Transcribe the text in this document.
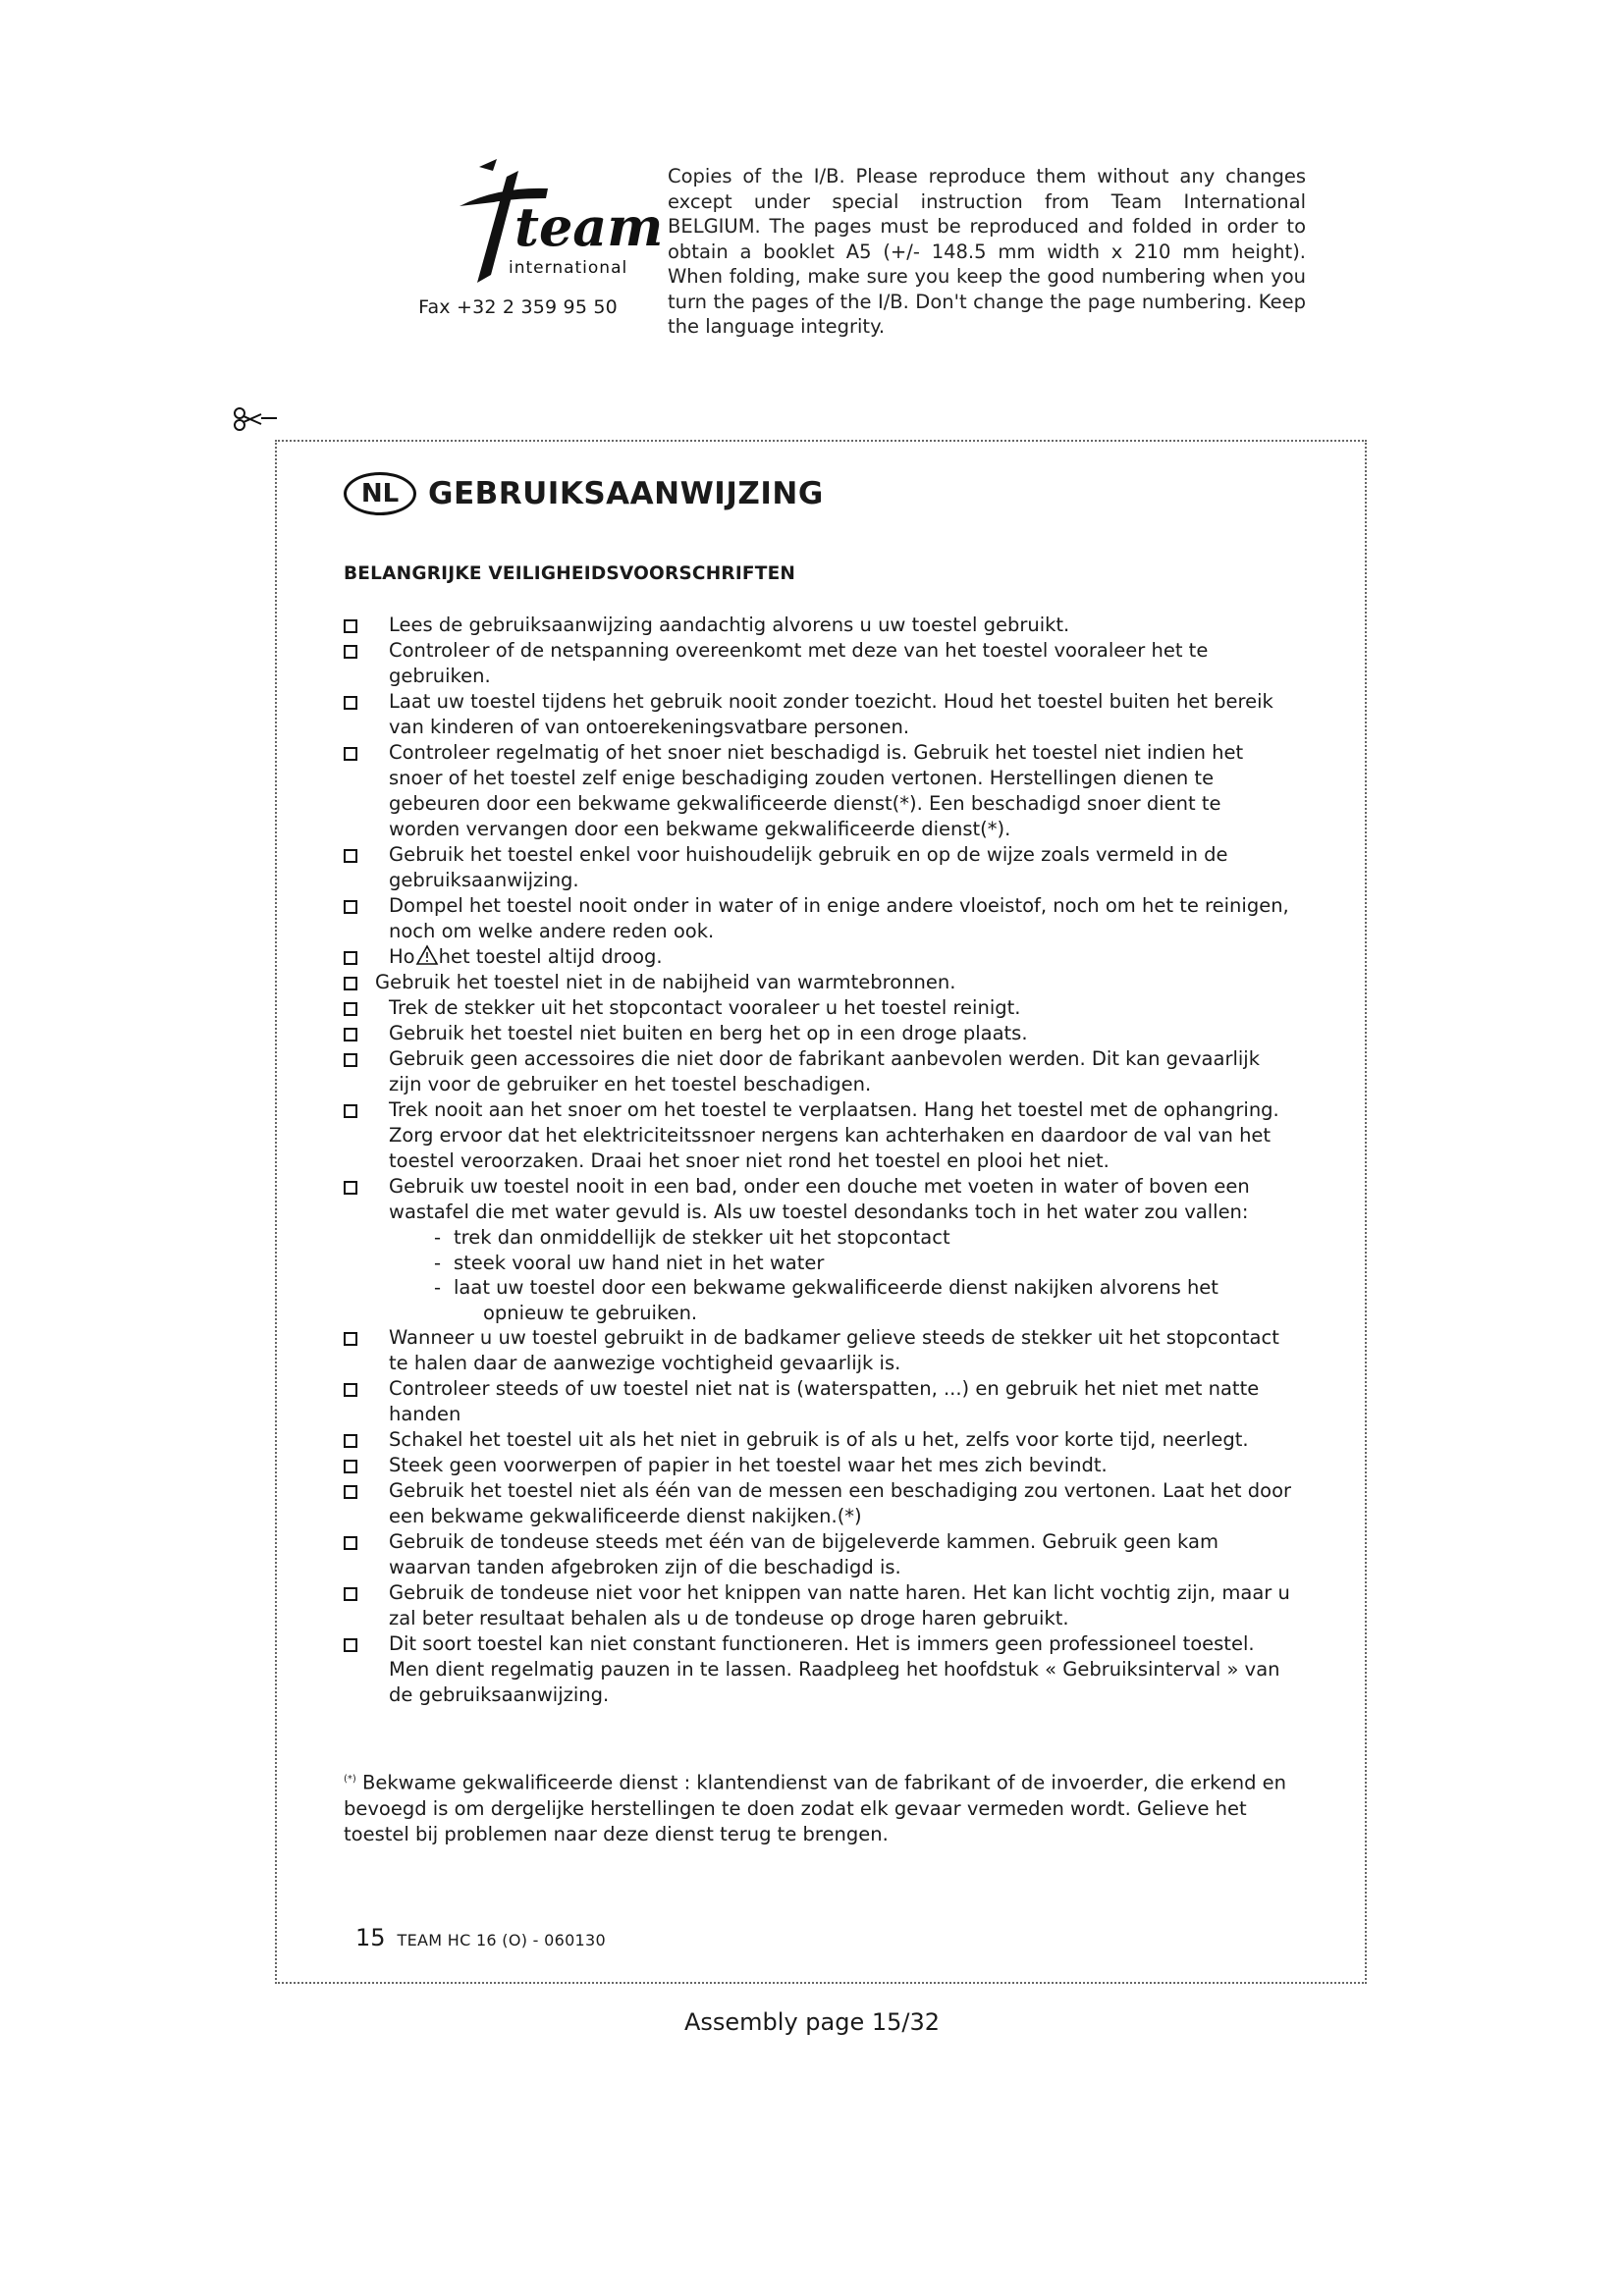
team
international
Fax +32 2 359 95 50
Copies of the I/B. Please reproduce them without any changes except under special instruction from Team International BELGIUM. The pages must be reproduced and folded in order to obtain a booklet A5 (+/- 148.5 mm width x 210 mm height). When folding, make sure you keep the good numbering when you turn the pages of the I/B. Don't change the page numbering. Keep the language integrity.
NL GEBRUIKSAANWIJZING
BELANGRIJKE VEILIGHEIDSVOORSCHRIFTEN

Lees de gebruiksaanwijzing aandachtig alvorens u uw toestel gebruikt.

Controleer of de netspanning overeenkomt met deze van het toestel vooraleer het te gebruiken.

Laat uw toestel tijdens het gebruik nooit zonder toezicht. Houd het toestel buiten het bereik van kinderen of van ontoerekeningsvatbare personen.

Controleer regelmatig of het snoer niet beschadigd is. Gebruik het toestel niet indien het snoer of het toestel zelf enige beschadiging zouden vertonen. Herstellingen dienen te gebeuren door een bekwame gekwalificeerde dienst(*). Een beschadigd snoer dient te worden vervangen door een bekwame gekwalificeerde dienst(*).

Gebruik het toestel enkel voor huishoudelijk gebruik en op de wijze zoals vermeld in de gebruiksaanwijzing.

Dompel het toestel nooit onder in water of in enige andere vloeistof, noch om het te reinigen, noch om welke andere reden ook.

Ho het toestel altijd droog.

Gebruik het toestel niet in de nabijheid van warmtebronnen.

Trek de stekker uit het stopcontact vooraleer u het toestel reinigt.

Gebruik het toestel niet buiten en berg het op in een droge plaats.

Gebruik geen accessoires die niet door de fabrikant aanbevolen werden. Dit kan gevaarlijk zijn voor de gebruiker en het toestel beschadigen.

Trek nooit aan het snoer om het toestel te verplaatsen. Hang het toestel met de ophangring. Zorg ervoor dat het elektriciteitssnoer nergens kan achterhaken en daardoor de val van het toestel veroorzaken. Draai het snoer niet rond het toestel en plooi het niet.

Gebruik uw toestel nooit in een bad, onder een douche met voeten in water of boven een wastafel die met water gevuld is. Als uw toestel desondanks toch in het water zou vallen:

- trek dan onmiddellijk de stekker uit het stopcontact
- steek vooral uw hand niet in het water
- laat uw toestel door een bekwame gekwalificeerde dienst nakijken alvorens het
opnieuw te gebruiken.

Wanneer u uw toestel gebruikt in de badkamer gelieve steeds de stekker uit het stopcontact te halen daar de aanwezige vochtigheid gevaarlijk is.

Controleer steeds of uw toestel niet nat is (waterspatten, ...) en gebruik het niet met natte handen

Schakel het toestel uit als het niet in gebruik is of als u het, zelfs voor korte tijd, neerlegt.

Steek geen voorwerpen of papier in het toestel waar het mes zich bevindt.

Gebruik het toestel niet als één van de messen een beschadiging zou vertonen. Laat het door een bekwame gekwalificeerde dienst nakijken.(*)

Gebruik de tondeuse steeds met één van de bijgeleverde kammen. Gebruik geen kam waarvan tanden afgebroken zijn of die beschadigd is.

Gebruik de tondeuse niet voor het knippen van natte haren. Het kan licht vochtig zijn, maar u zal beter resultaat behalen als u de tondeuse op droge haren gebruikt.

Dit soort toestel kan niet constant functioneren. Het is immers geen professioneel toestel. Men dient regelmatig pauzen in te lassen. Raadpleeg het hoofdstuk « Gebruiksinterval » van de gebruiksaanwijzing.

(*) Bekwame gekwalificeerde dienst : klantendienst van de fabrikant of de invoerder, die erkend en bevoegd is om dergelijke herstellingen te doen zodat elk gevaar vermeden wordt. Gelieve het toestel bij problemen naar deze dienst terug te brengen.
15 TEAM HC 16 (O) - 060130
Assembly page 15/32
